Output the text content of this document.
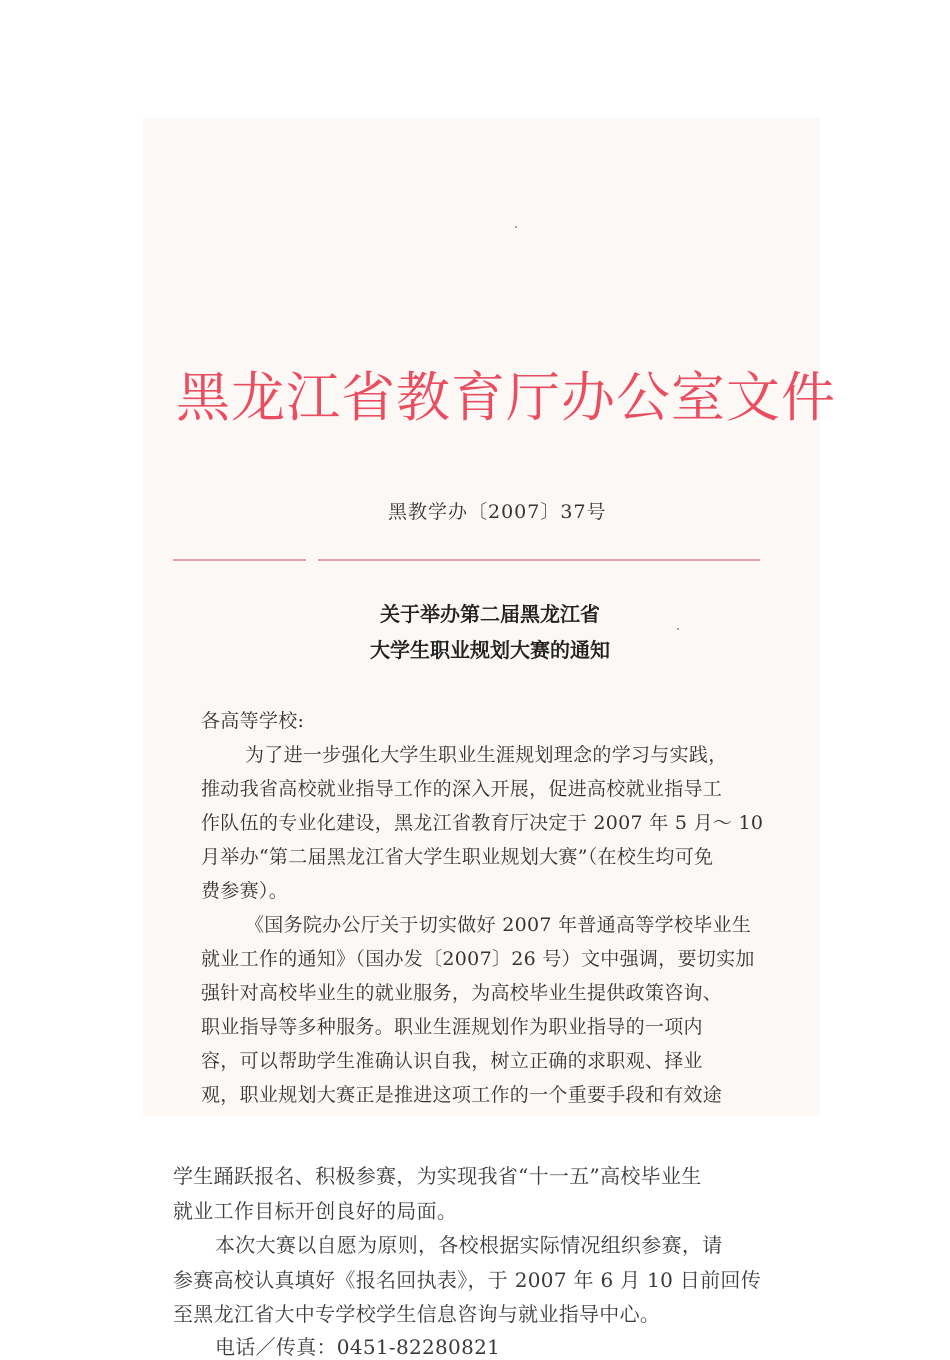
黑龙江省教育厅办公室文件
黑教学办〔2007〕37号
关于举办第二届黑龙江省
大学生职业规划大赛的通知
各高等学校:
为了进一步强化大学生职业生涯规划理念的学习与实践，
推动我省高校就业指导工作的深入开展，促进高校就业指导工
作队伍的专业化建设，黑龙江省教育厅决定于 2007 年 5 月～ 10
月举办“第二届黑龙江省大学生职业规划大赛”（在校生均可免
费参赛）。
《国务院办公厅关于切实做好 2007 年普通高等学校毕业生
就业工作的通知》（国办发〔2007〕26 号）文中强调，要切实加
强针对高校毕业生的就业服务，为高校毕业生提供政策咨询、
职业指导等多种服务。职业生涯规划作为职业指导的一项内
容，可以帮助学生准确认识自我，树立正确的求职观、择业
观，职业规划大赛正是推进这项工作的一个重要手段和有效途
学生踊跃报名、积极参赛，为实现我省“十一五”高校毕业生
就业工作目标开创良好的局面。
本次大赛以自愿为原则，各校根据实际情况组织参赛，请
参赛高校认真填好《报名回执表》，于 2007 年 6 月 10 日前回传
至黑龙江省大中专学校学生信息咨询与就业指导中心。
电话／传真：0451-82280821
